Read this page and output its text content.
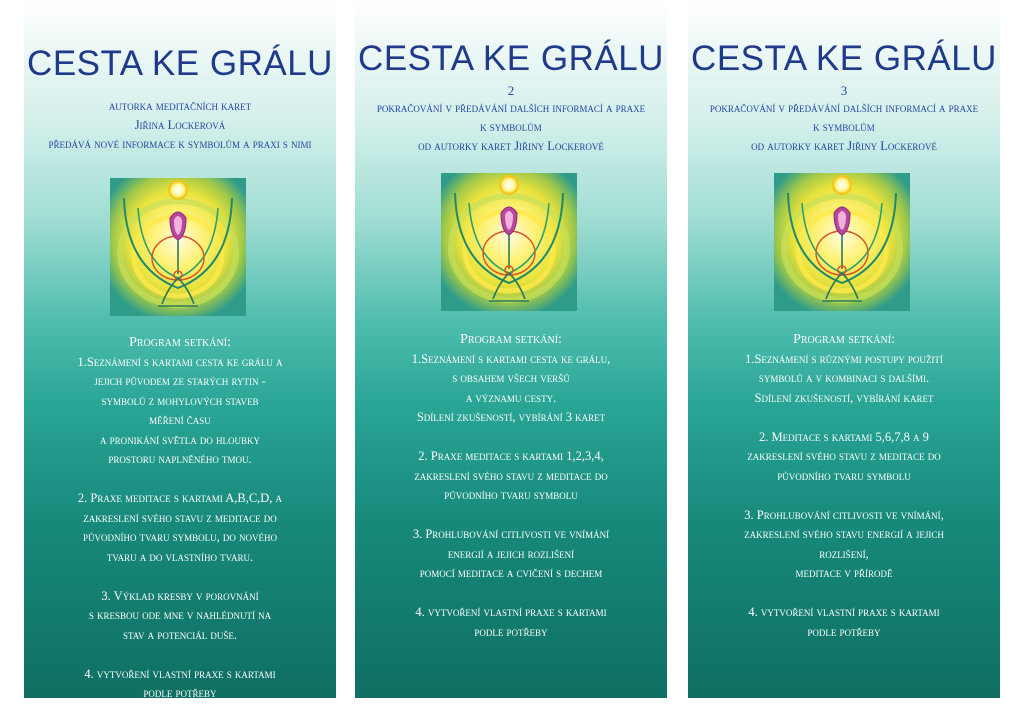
CESTA KE GRÁLU
autorka meditačních karet
Jiřina Lockerová
předává nové informace k symbolům a praxi s nimi
Program setkání:
1.Seznámení s kartami cesta ke grálu a
jejich původem ze starých rytin -
symbolů z mohylových staveb
měření času
a pronikání světla do hloubky
prostoru naplněného tmou.
2. Praxe meditace s kartami A,B,C,D, a
zakreslení svého stavu z meditace do
původního tvaru symbolu, do nového
tvaru a do vlastního tvaru.
3. Výklad kresby v porovnání
s kresbou ode mne v nahlédnutí na
stav a potenciál duše.
4. vytvoření vlastní praxe s kartami
podle potřeby
CESTA KE GRÁLU
2
pokračování v předávání dalších informací a praxe
k symbolům
od autorky karet Jiřiny Lockerové
Program setkání:
1.Seznámení s kartami cesta ke grálu,
s obsahem všech veršů
a významu cesty.
Sdílení zkušeností, vybírání 3 karet
2. Praxe meditace s kartami 1,2,3,4,
zakreslení svého stavu z meditace do
původního tvaru symbolu
3. Prohlubování citlivosti ve vnímání
energií a jejich rozlišení
pomocí meditace a cvičení s dechem
4. vytvoření vlastní praxe s kartami
podle potřeby
CESTA KE GRÁLU
3
pokračování v předávání dalších informací a praxe
k symbolům
od autorky karet Jiřiny Lockerové
Program setkání:
1.Seznámení s různými postupy použití
symbolů a v kombinaci s dalšími.
Sdílení zkušeností, vybírání karet
2. Meditace s kartami 5,6,7,8 a 9
zakreslení svého stavu z meditace do
původního tvaru symbolu
3. Prohlubování citlivosti ve vnímání,
zakreslení svého stavu energií a jejich
rozlišení,
meditace v přírodě
4. vytvoření vlastní praxe s kartami
podle potřeby
